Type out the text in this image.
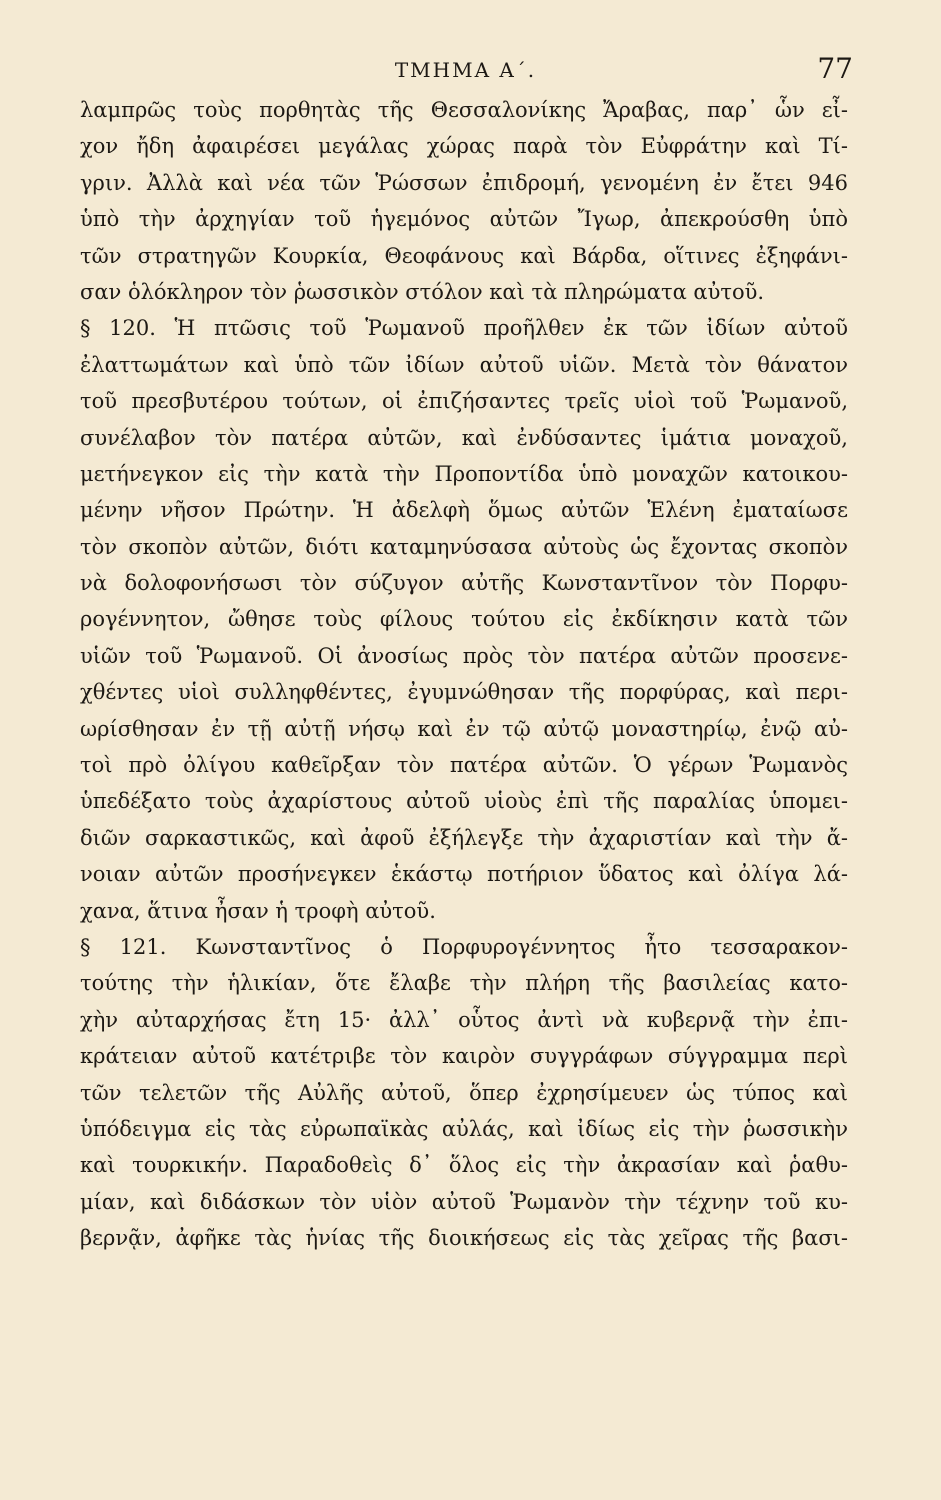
ΤΜΗΜΑ Α΄.	77
λαμπρῶς τοὺς πορθητὰς τῆς Θεσσαλονίκης Ἄραβας, παρ᾽ ὧν εἶ-
χον ἤδη ἀφαιρέσει μεγάλας χώρας παρὰ τὸν Εὐφράτην καὶ Τί-
γριν. Ἀλλὰ καὶ νέα τῶν Ῥώσσων ἐπιδρομή, γενομένη ἐν ἔτει 946
ὑπὸ τὴν ἀρχηγίαν τοῦ ἡγεμόνος αὐτῶν Ἴγωρ, ἀπεκρούσθη ὑπὸ
τῶν στρατηγῶν Κουρκία, Θεοφάνους καὶ Βάρδα, οἵτινες ἐξηφάνι-
σαν ὁλόκληρον τὸν ῥωσσικὸν στόλον καὶ τὰ πληρώματα αὐτοῦ.
§ 120. Ἡ πτῶσις τοῦ Ῥωμανοῦ προῆλθεν ἐκ τῶν ἰδίων αὐτοῦ
ἐλαττωμάτων καὶ ὑπὸ τῶν ἰδίων αὐτοῦ υἱῶν. Μετὰ τὸν θάνατον
τοῦ πρεσβυτέρου τούτων, οἱ ἐπιζήσαντες τρεῖς υἱοὶ τοῦ Ῥωμανοῦ,
συνέλαβον τὸν πατέρα αὐτῶν, καὶ ἐνδύσαντες ἱμάτια μοναχοῦ,
μετήνεγκον εἰς τὴν κατὰ τὴν Προποντίδα ὑπὸ μοναχῶν κατοικου-
μένην νῆσον Πρώτην. Ἡ ἀδελφὴ ὅμως αὐτῶν Ἑλένη ἐματαίωσε
τὸν σκοπὸν αὐτῶν, διότι καταμηνύσασα αὐτοὺς ὡς ἔχοντας σκοπὸν
νὰ δολοφονήσωσι τὸν σύζυγον αὐτῆς Κωνσταντῖνον τὸν Πορφυ-
ρογέννητον, ὤθησε τοὺς φίλους τούτου εἰς ἐκδίκησιν κατὰ τῶν
υἱῶν τοῦ Ῥωμανοῦ. Οἱ ἀνοσίως πρὸς τὸν πατέρα αὐτῶν προσενε-
χθέντες υἱοὶ συλληφθέντες, ἐγυμνώθησαν τῆς πορφύρας, καὶ περι-
ωρίσθησαν ἐν τῇ αὐτῇ νήσῳ καὶ ἐν τῷ αὐτῷ μοναστηρίῳ, ἐνῷ αὐ-
τοὶ πρὸ ὀλίγου καθεῖρξαν τὸν πατέρα αὐτῶν. Ὁ γέρων Ῥωμανὸς
ὑπεδέξατο τοὺς ἀχαρίστους αὐτοῦ υἱοὺς ἐπὶ τῆς παραλίας ὑπομει-
διῶν σαρκαστικῶς, καὶ ἀφοῦ ἐξήλεγξε τὴν ἀχαριστίαν καὶ τὴν ἄ-
νοιαν αὐτῶν προσήνεγκεν ἑκάστῳ ποτήριον ὕδατος καὶ ὀλίγα λά-
χανα, ἅτινα ἦσαν ἡ τροφὴ αὐτοῦ.
§ 121. Κωνσταντῖνος ὁ Πορφυρογέννητος ἦτο τεσσαρακον-
τούτης τὴν ἡλικίαν, ὅτε ἔλαβε τὴν πλήρη τῆς βασιλείας κατο-
χὴν αὐταρχήσας ἔτη 15· ἀλλ᾽ οὗτος ἀντὶ νὰ κυβερνᾷ τὴν ἐπι-
κράτειαν αὐτοῦ κατέτριβε τὸν καιρὸν συγγράφων σύγγραμμα περὶ
τῶν τελετῶν τῆς Αὐλῆς αὐτοῦ, ὅπερ ἐχρησίμευεν ὡς τύπος καὶ
ὑπόδειγμα εἰς τὰς εὐρωπαϊκὰς αὐλάς, καὶ ἰδίως εἰς τὴν ῥωσσικὴν
καὶ τουρκικήν. Παραδοθεὶς δ᾽ ὅλος εἰς τὴν ἀκρασίαν καὶ ῥαθυ-
μίαν, καὶ διδάσκων τὸν υἱὸν αὐτοῦ Ῥωμανὸν τὴν τέχνην τοῦ κυ-
βερνᾷν, ἀφῆκε τὰς ἡνίας τῆς διοικήσεως εἰς τὰς χεῖρας τῆς βασι-
